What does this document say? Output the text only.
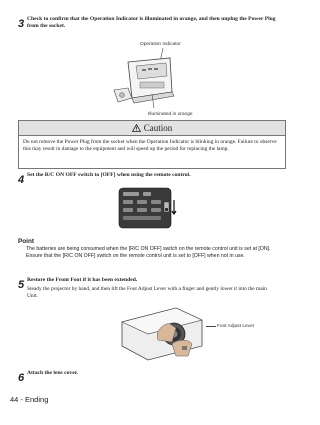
3 Check to confirm that the Operation Indicator is illuminated in orange, and then unplug the Power Plug from the socket.
Operation Indicator
Illuminated in orange
Caution
Do not remove the Power Plug from the socket when the Operation Indicator is blinking in orange. Failure to observe this may result in damage to the equipment and will speed up the period for replacing the lamp.
4 Set the R/C ON OFF switch to [OFF] when using the remote control.
Point
The batteries are being consumed when the [R/C ON OFF] switch on the remote control unit is set at [ON]. Ensure that the [R/C ON OFF] switch on the remote control unit is set to [OFF] when not in use.
5 Restore the Front Foot if it has been extended.
Steady the projector by hand, and then lift the Foot Adjust Lever with a finger and gently lower it into the main Unit.
Foot Adjust Lever
6 Attach the lens cover.
44 - Ending
